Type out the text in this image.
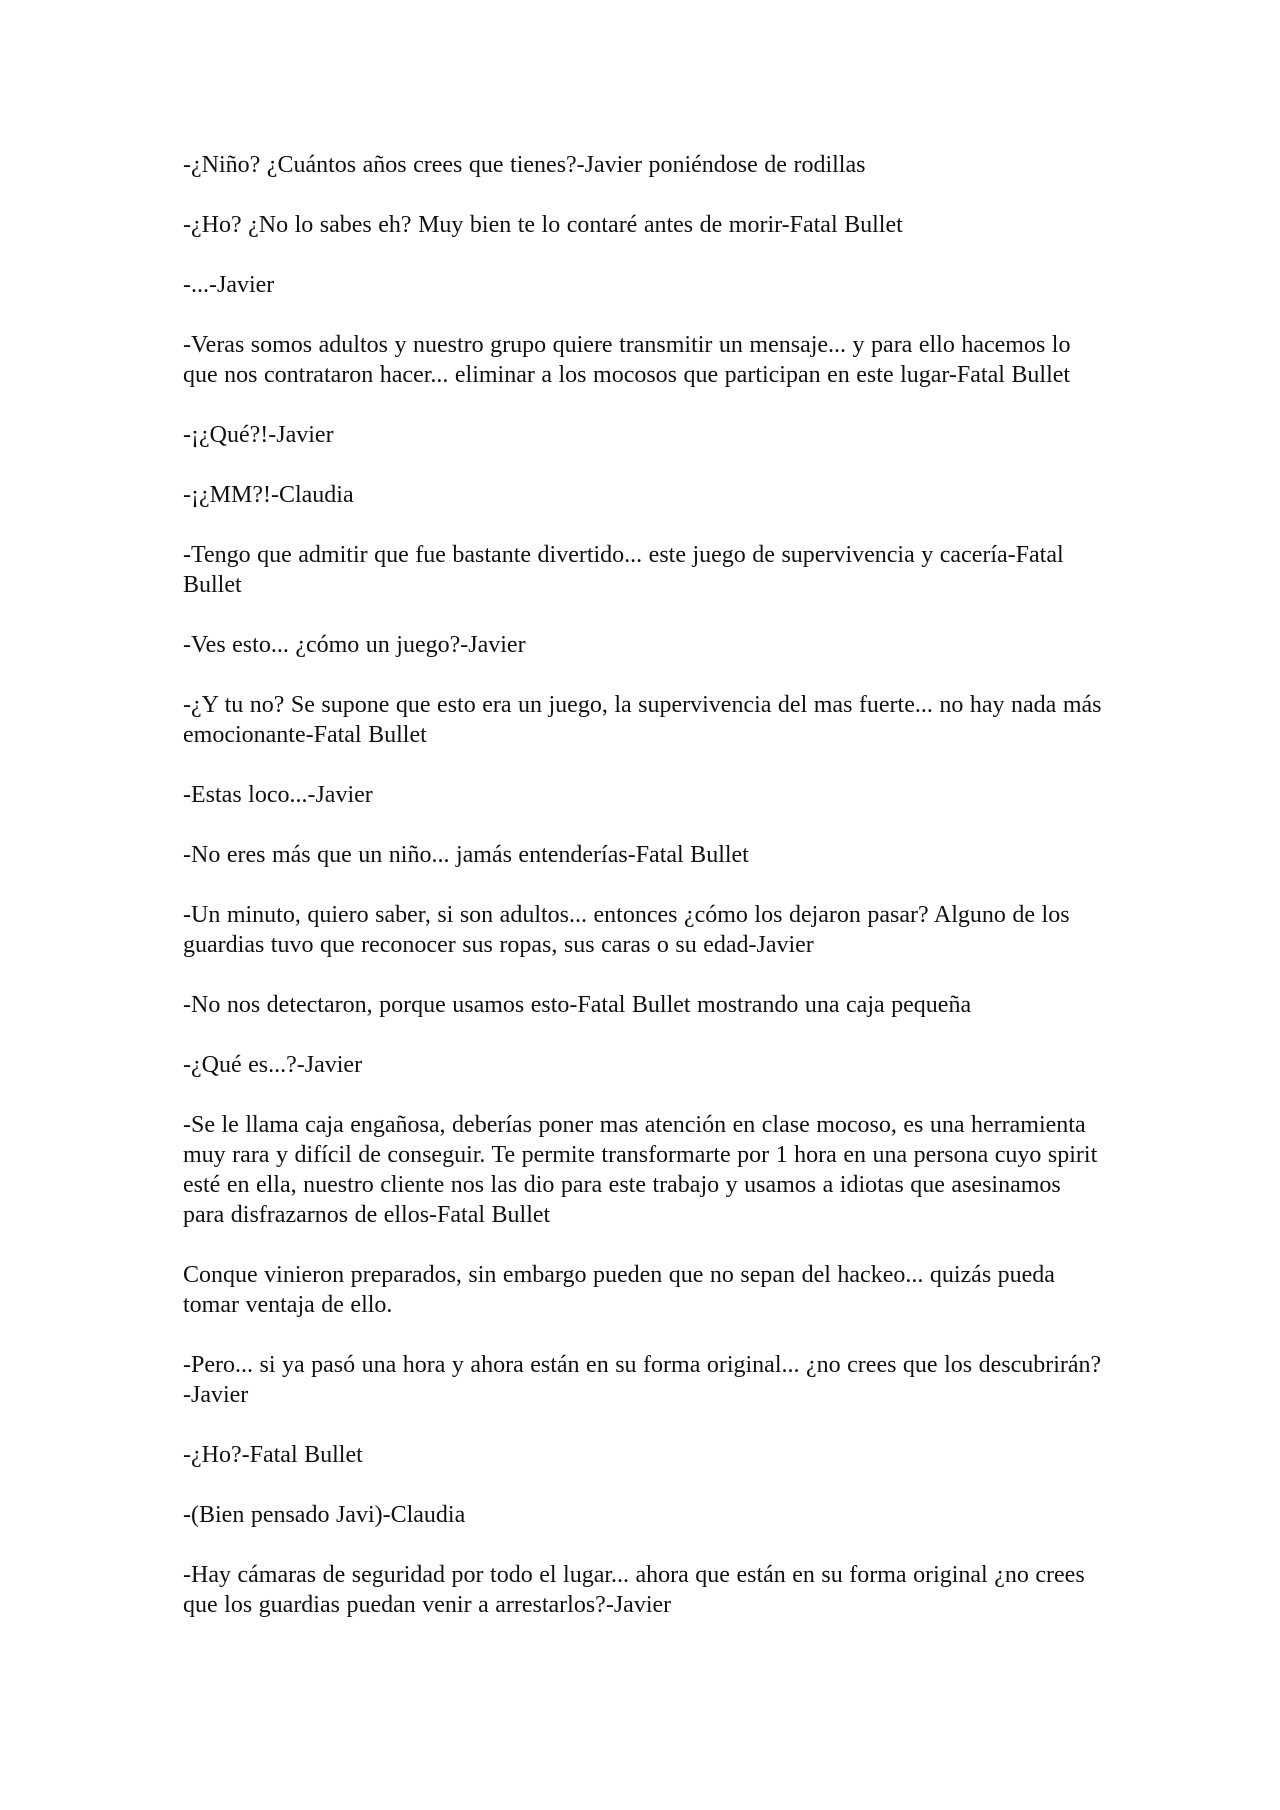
-¿Niño? ¿Cuántos años crees que tienes?-Javier poniéndose de rodillas

-¿Ho? ¿No lo sabes eh? Muy bien te lo contaré antes de morir-Fatal Bullet

-...-Javier

-Veras somos adultos y nuestro grupo quiere transmitir un mensaje... y para ello hacemos lo que nos contrataron hacer... eliminar a los mocosos que participan en este lugar-Fatal Bullet

-¡¿Qué?!-Javier

-¡¿MM?!-Claudia

-Tengo que admitir que fue bastante divertido... este juego de supervivencia y cacería-Fatal Bullet

-Ves esto... ¿cómo un juego?-Javier

-¿Y tu no? Se supone que esto era un juego, la supervivencia del mas fuerte... no hay nada más emocionante-Fatal Bullet

-Estas loco...-Javier

-No eres más que un niño... jamás entenderías-Fatal Bullet

-Un minuto, quiero saber, si son adultos... entonces ¿cómo los dejaron pasar? Alguno de los guardias tuvo que reconocer sus ropas, sus caras o su edad-Javier

-No nos detectaron, porque usamos esto-Fatal Bullet mostrando una caja pequeña

-¿Qué es...?-Javier

-Se le llama caja engañosa, deberías poner mas atención en clase mocoso, es una herramienta muy rara y difícil de conseguir. Te permite transformarte por 1 hora en una persona cuyo spirit esté en ella, nuestro cliente nos las dio para este trabajo y usamos a idiotas que asesinamos para disfrazarnos de ellos-Fatal Bullet

Conque vinieron preparados, sin embargo pueden que no sepan del hackeo... quizás pueda tomar ventaja de ello.

-Pero... si ya pasó una hora y ahora están en su forma original... ¿no crees que los descubrirán?-Javier

-¿Ho?-Fatal Bullet

-(Bien pensado Javi)-Claudia

-Hay cámaras de seguridad por todo el lugar... ahora que están en su forma original ¿no crees que los guardias puedan venir a arrestarlos?-Javier
